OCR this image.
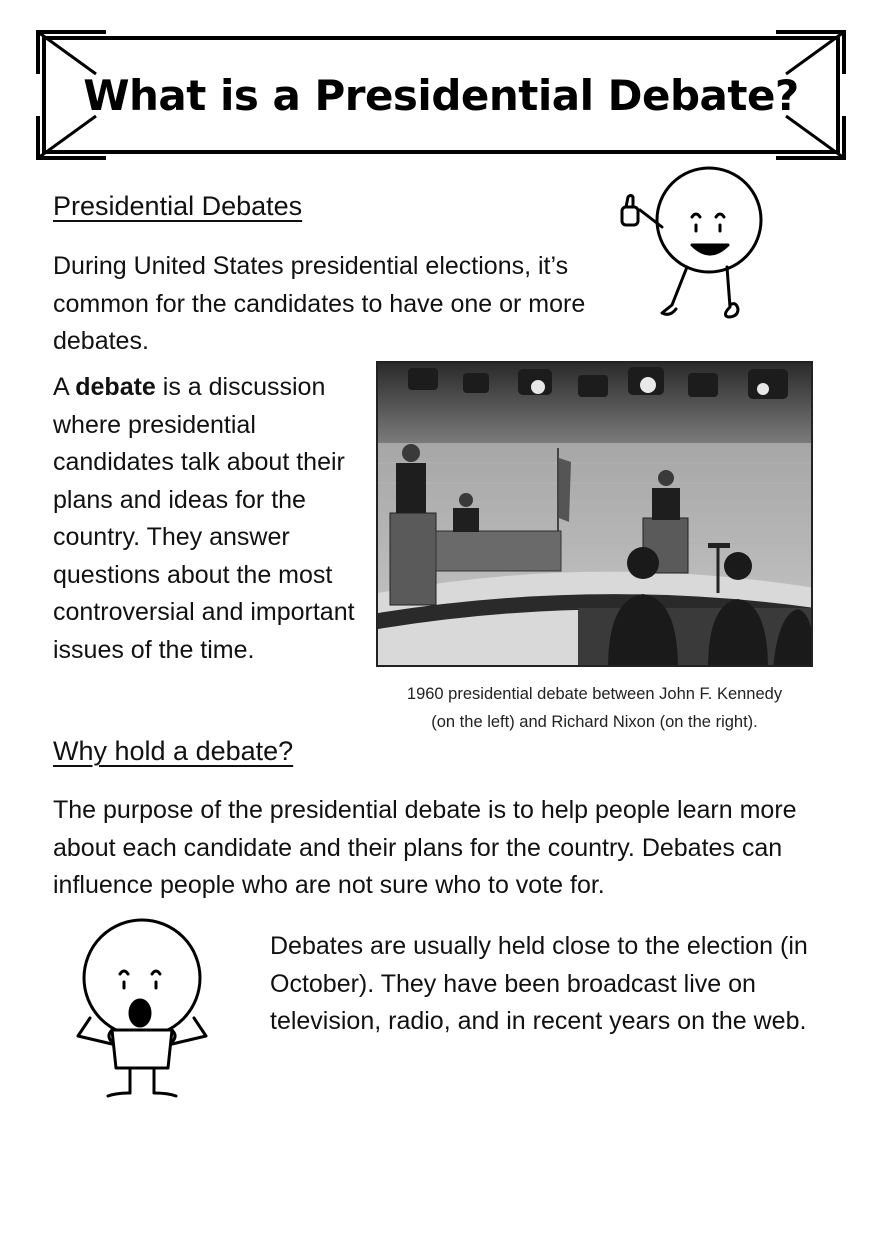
What is a Presidential Debate?
Presidential Debates

During United States presidential elections, it’s common for the candidates to have one or more debates.

A debate is a discussion where presidential candidates talk about their plans and ideas for the country. They answer questions about the most controversial and important issues of the time.

1960 presidential debate between John F. Kennedy
(on the left) and Richard Nixon (on the right).

Why hold a debate?

The purpose of the presidential debate is to help people learn more about each candidate and their plans for the country. Debates can influence people who are not sure who to vote for.

Debates are usually held close to the election (in October). They have been broadcast live on television, radio, and in recent years on the web.
